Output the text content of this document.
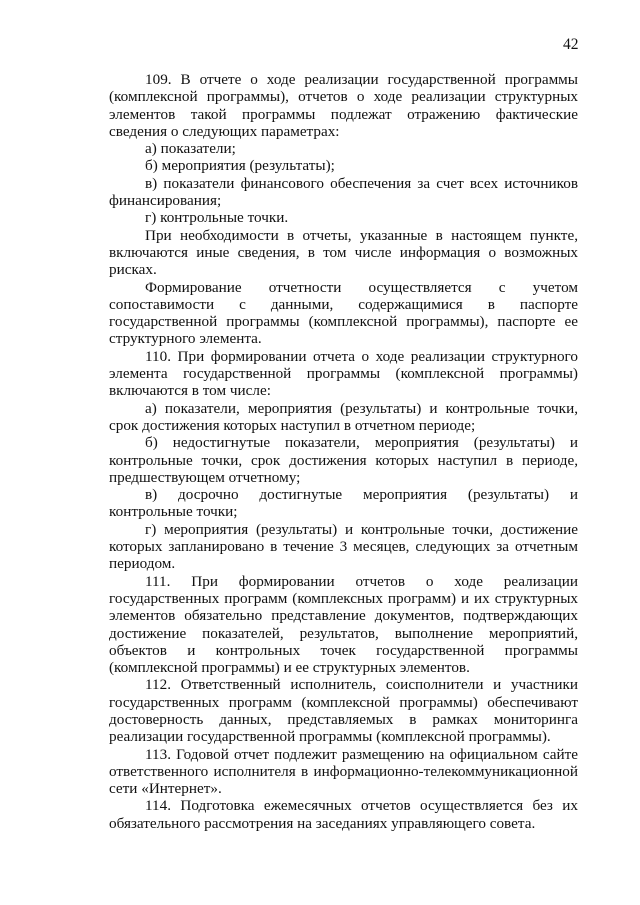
42

109. В отчете о ходе реализации государственной программы (комплексной программы), отчетов о ходе реализации структурных элементов такой программы подлежат отражению фактические сведения о следующих параметрах:

а) показатели;

б) мероприятия (результаты);

в) показатели финансового обеспечения за счет всех источников финансирования;

г) контрольные точки.

При необходимости в отчеты, указанные в настоящем пункте, включаются иные сведения, в том числе информация о возможных рисках.

Формирование отчетности осуществляется с учетом сопоставимости с данными, содержащимися в паспорте государственной программы (комплексной программы), паспорте ее структурного элемента.

110. При формировании отчета о ходе реализации структурного элемента государственной программы (комплексной программы) включаются в том числе:

а) показатели, мероприятия (результаты) и контрольные точки, срок достижения которых наступил в отчетном периоде;

б) недостигнутые показатели, мероприятия (результаты) и контрольные точки, срок достижения которых наступил в периоде, предшествующем отчетному;

в) досрочно достигнутые мероприятия (результаты) и контрольные точки;

г) мероприятия (результаты) и контрольные точки, достижение которых запланировано в течение 3 месяцев, следующих за отчетным периодом.

111. При формировании отчетов о ходе реализации государственных программ (комплексных программ) и их структурных элементов обязательно представление документов, подтверждающих достижение показателей, результатов, выполнение мероприятий, объектов и контрольных точек государственной программы (комплексной программы) и ее структурных элементов.

112. Ответственный исполнитель, соисполнители и участники государственных программ (комплексной программы) обеспечивают достоверность данных, представляемых в рамках мониторинга реализации государственной программы (комплексной программы).

113. Годовой отчет подлежит размещению на официальном сайте ответственного исполнителя в информационно-телекоммуникационной сети «Интернет».

114. Подготовка ежемесячных отчетов осуществляется без их обязательного рассмотрения на заседаниях управляющего совета.
